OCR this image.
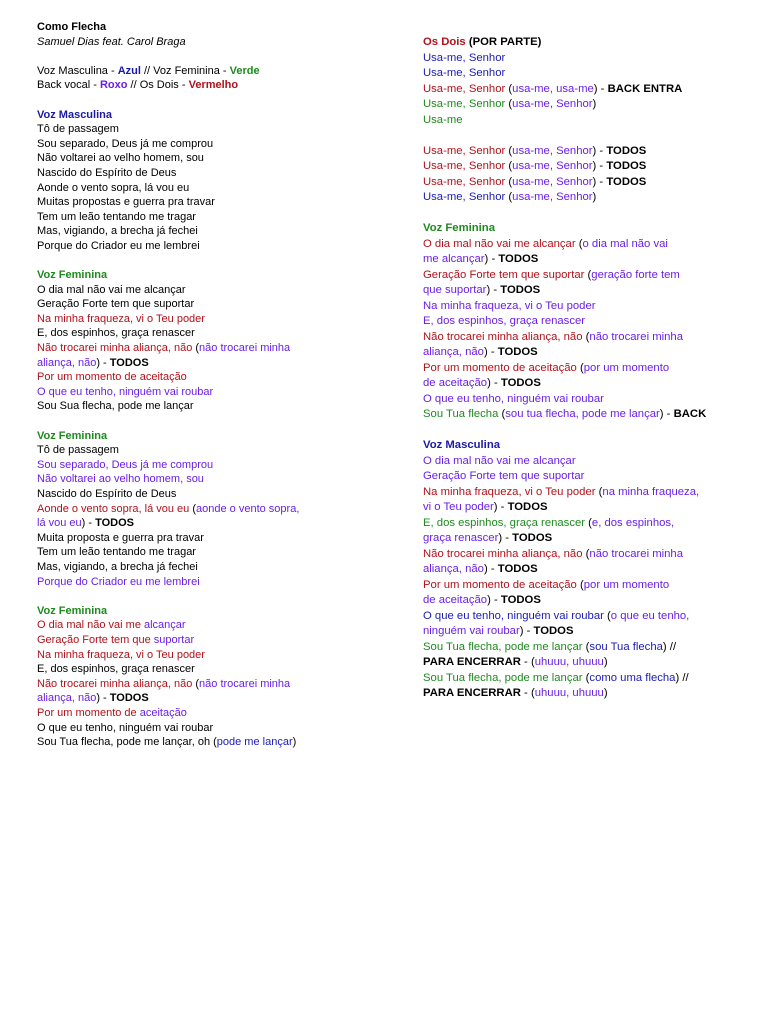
Como Flecha
Samuel Dias feat. Carol Braga
Voz Masculina - Azul // Voz Feminina - Verde
Back vocal - Roxo // Os Dois - Vermelho
Voz Masculina
Tô de passagem
Sou separado, Deus já me comprou
Não voltarei ao velho homem, sou
Nascido do Espírito de Deus
Aonde o vento sopra, lá vou eu
Muitas propostas e guerra pra travar
Tem um leão tentando me tragar
Mas, vigiando, a brecha já fechei
Porque do Criador eu me lembrei
Voz Feminina
O dia mal não vai me alcançar
Geração Forte tem que suportar
Na minha fraqueza, vi o Teu poder
E, dos espinhos, graça renascer
Não trocarei minha aliança, não (não trocarei minha
aliança, não) - TODOS
Por um momento de aceitação
O que eu tenho, ninguém vai roubar
Sou Sua flecha, pode me lançar
Voz Feminina
Tô de passagem
Sou separado, Deus já me comprou
Não voltarei ao velho homem, sou
Nascido do Espírito de Deus
Aonde o vento sopra, lá vou eu (aonde o vento sopra,
lá vou eu) - TODOS
Muita proposta e guerra pra travar
Tem um leão tentando me tragar
Mas, vigiando, a brecha já fechei
Porque do Criador eu me lembrei
Voz Feminina
O dia mal não vai me alcançar
Geração Forte tem que suportar
Na minha fraqueza, vi o Teu poder
E, dos espinhos, graça renascer
Não trocarei minha aliança, não (não trocarei minha
aliança, não) - TODOS
Por um momento de aceitação
O que eu tenho, ninguém vai roubar
Sou Tua flecha, pode me lançar, oh (pode me lançar)
Os Dois (POR PARTE)
Usa-me, Senhor
Usa-me, Senhor
Usa-me, Senhor (usa-me, usa-me) - BACK ENTRA
Usa-me, Senhor (usa-me, Senhor)
Usa-me
Usa-me, Senhor (usa-me, Senhor) - TODOS
Usa-me, Senhor (usa-me, Senhor) - TODOS
Usa-me, Senhor (usa-me, Senhor) - TODOS
Usa-me, Senhor (usa-me, Senhor)
Voz Feminina
O dia mal não vai me alcançar (o dia mal não vai
me alcançar) - TODOS
Geração Forte tem que suportar (geração forte tem
que suportar) - TODOS
Na minha fraqueza, vi o Teu poder
E, dos espinhos, graça renascer
Não trocarei minha aliança, não (não trocarei minha
aliança, não) - TODOS
Por um momento de aceitação (por um momento
de aceitação) - TODOS
O que eu tenho, ninguém vai roubar
Sou Tua flecha (sou tua flecha, pode me lançar) - BACK
Voz Masculina
O dia mal não vai me alcançar
Geração Forte tem que suportar
Na minha fraqueza, vi o Teu poder (na minha fraqueza,
vi o Teu poder) - TODOS
E, dos espinhos, graça renascer (e, dos espinhos,
graça renascer) - TODOS
Não trocarei minha aliança, não (não trocarei minha
aliança, não) - TODOS
Por um momento de aceitação (por um momento
de aceitação) - TODOS
O que eu tenho, ninguém vai roubar (o que eu tenho,
ninguém vai roubar) - TODOS
Sou Tua flecha, pode me lançar (sou Tua flecha) //
PARA ENCERRAR - (uhuuu, uhuuu)
Sou Tua flecha, pode me lançar (como uma flecha) //
PARA ENCERRAR - (uhuuu, uhuuu)
